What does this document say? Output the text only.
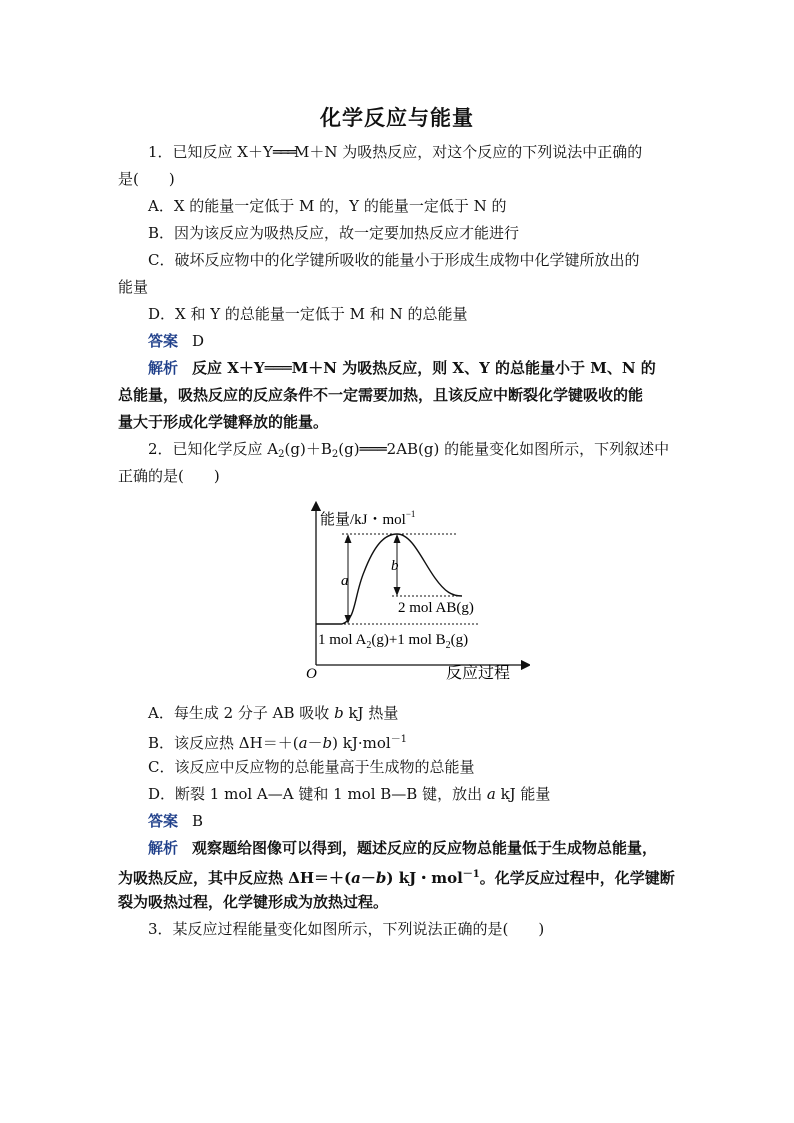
化学反应与能量
1．已知反应 X＋Y═══M＋N 为吸热反应，对这个反应的下列说法中正确的
是(　　)
A．X 的能量一定低于 M 的，Y 的能量一定低于 N 的
B．因为该反应为吸热反应，故一定要加热反应才能进行
C．破坏反应物中的化学键所吸收的能量小于形成生成物中化学键所放出的
能量
D．X 和 Y 的总能量一定低于 M 和 N 的总能量
答案 D
解析 反应 X＋Y═══M＋N 为吸热反应，则 X、Y 的总能量小于 M、N 的
总能量，吸热反应的反应条件不一定需要加热，且该反应中断裂化学键吸收的能
量大于形成化学键释放的能量。
2．已知化学反应 $A_2(g)+B_2(g)═══2AB(g)$ 的能量变化如图所示，下列叙述中
正确的是(　　)
能量/kJ・mol$^{-1}$
a
b
2 mol AB(g)
1 mol $A_2(g)+1$ mol $B_2(g)$
O	反应过程
A．每生成 2 分子 AB 吸收 b kJ 热量
B．该反应热 ΔH＝＋(a－b) kJ·mol$^{-1}$
C．该反应中反应物的总能量高于生成物的总能量
D．断裂 1 mol A—A 键和 1 mol B—B 键，放出 a kJ 能量
答案 B
解析 观察题给图像可以得到，题述反应的反应物总能量低于生成物总能量，
为吸热反应，其中反应热 ΔH＝＋(a－b) kJ・mol$^{-1}$。化学反应过程中，化学键断
裂为吸热过程，化学键形成为放热过程。
3．某反应过程能量变化如图所示，下列说法正确的是(　　)
